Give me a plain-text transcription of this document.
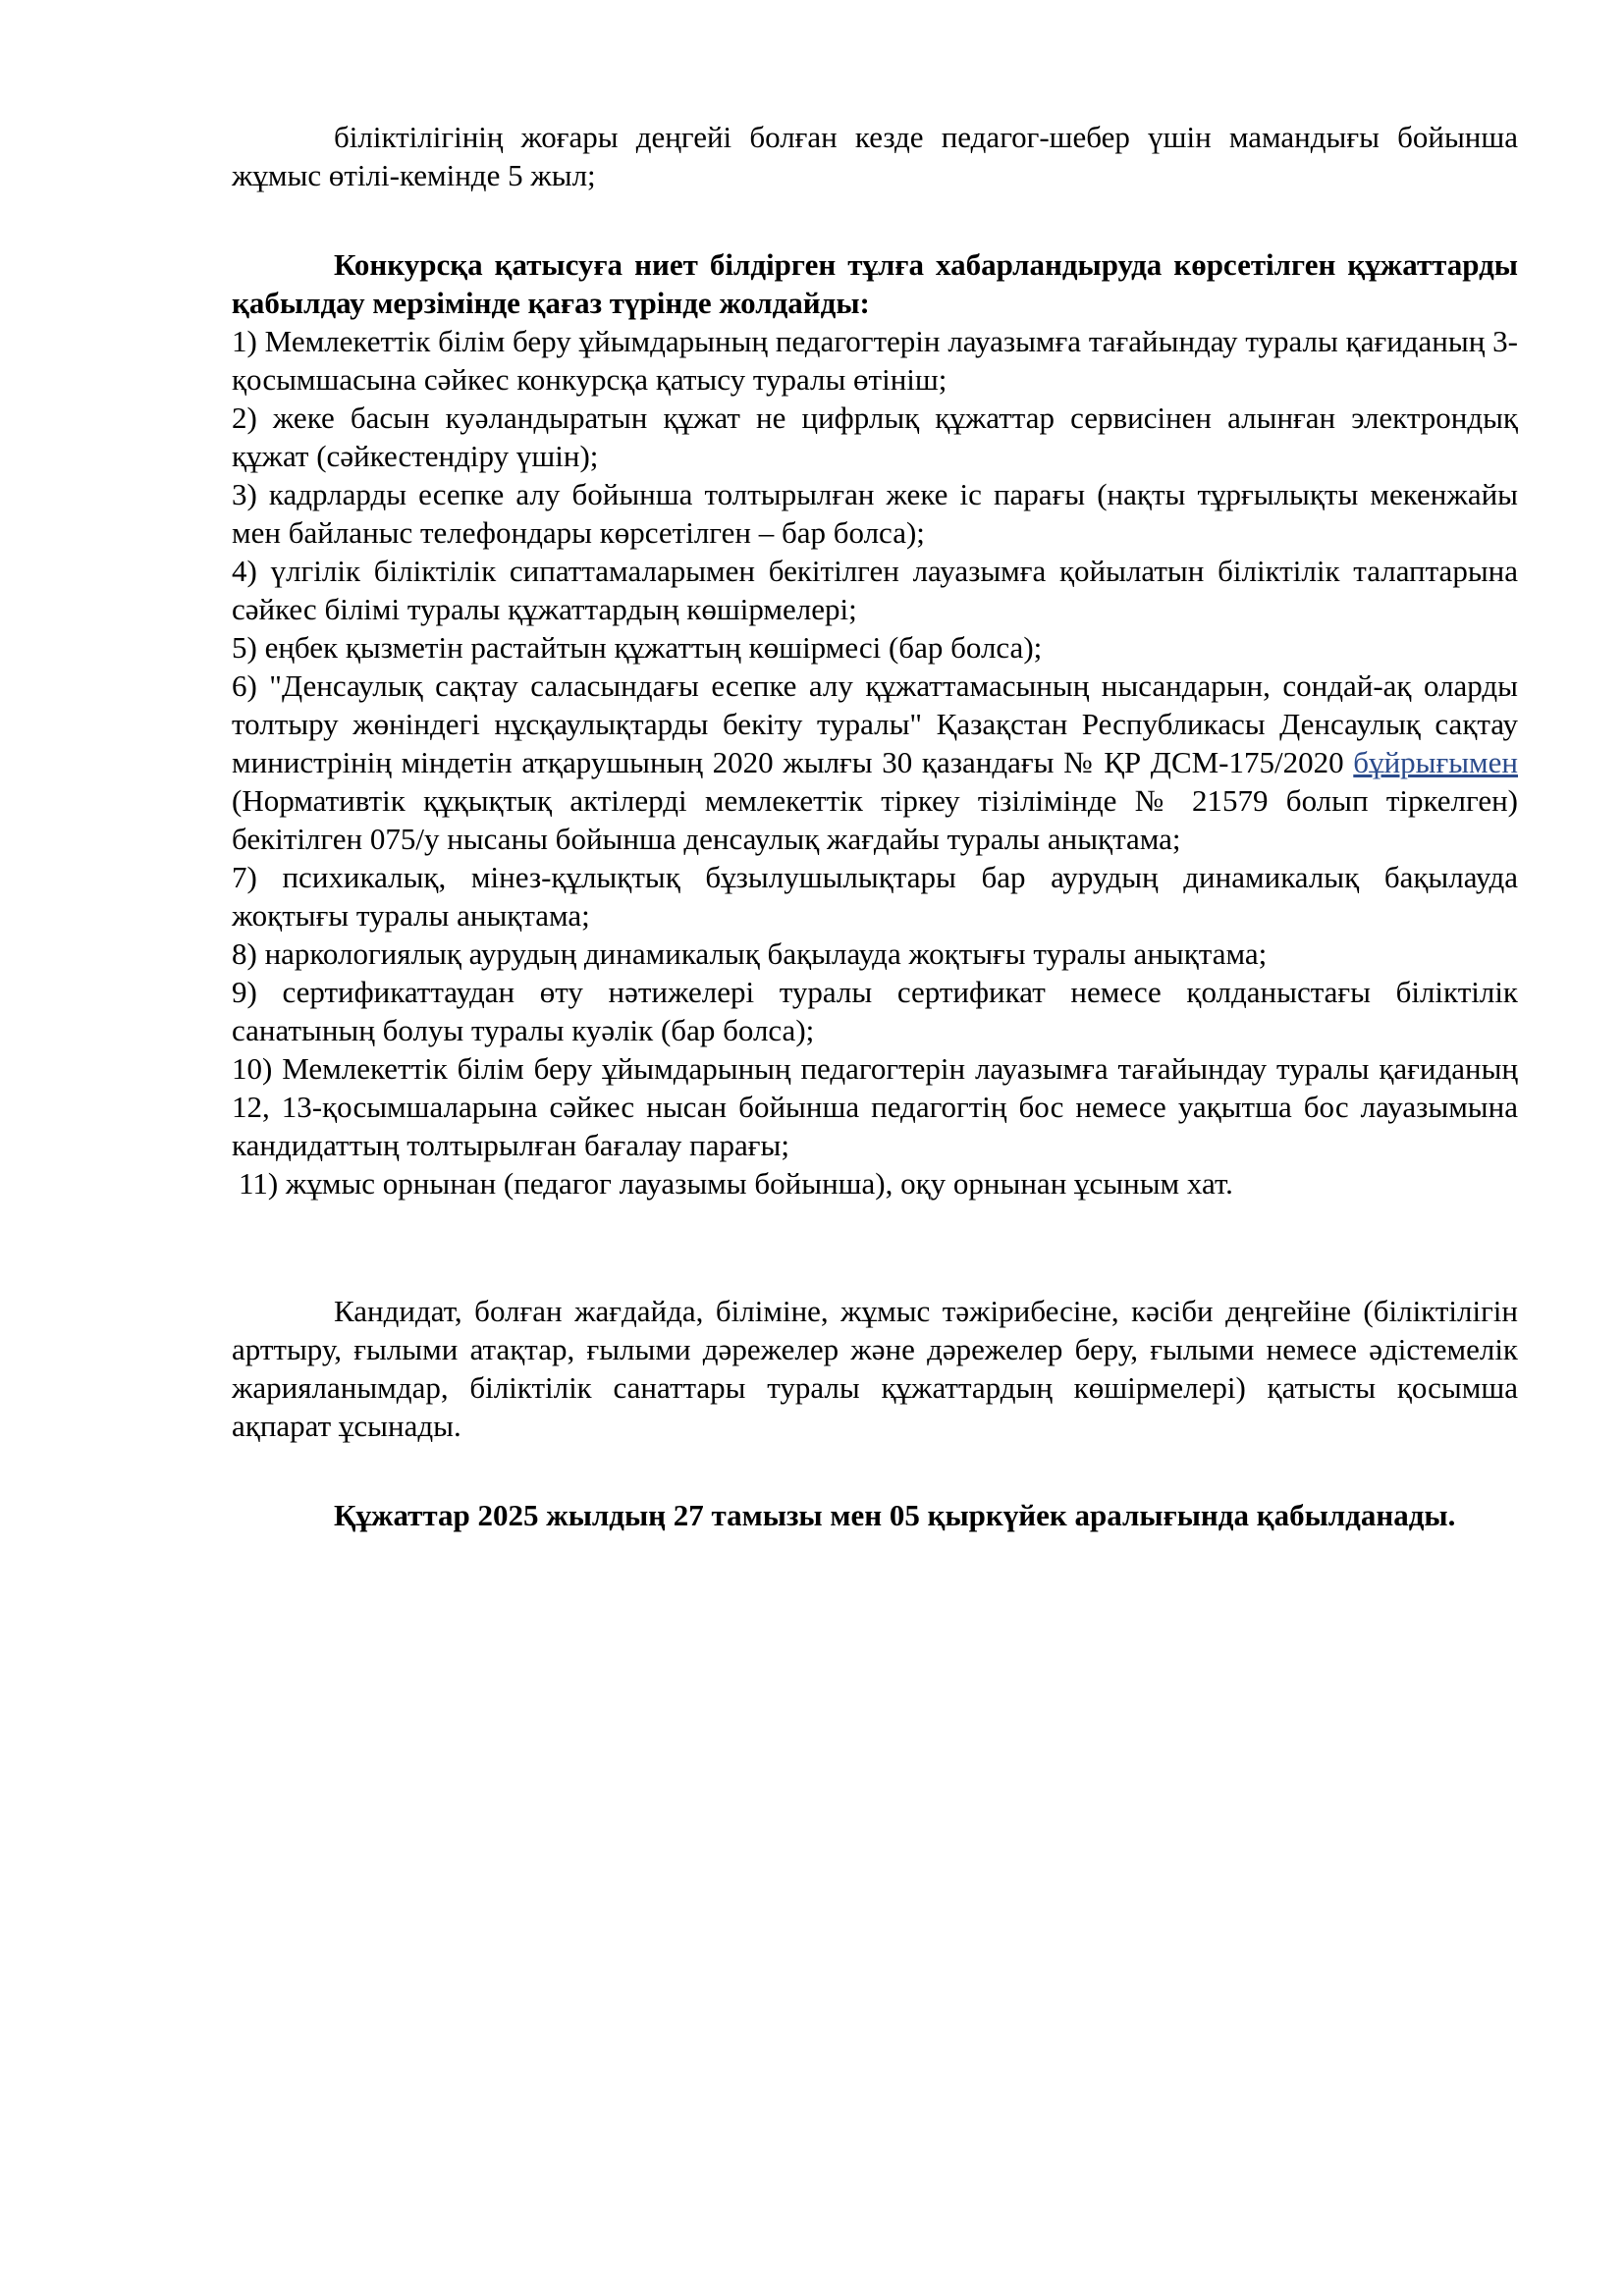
біліктілігінің жоғары деңгейі болған кезде педагог-шебер үшін мамандығы бойынша жұмыс өтілі-кемінде 5 жыл;

Конкурсқа қатысуға ниет білдірген тұлға хабарландыруда көрсетілген құжаттарды қабылдау мерзімінде қағаз түрінде жолдайды:

1) Мемлекеттік білім беру ұйымдарының педагогтерін лауазымға тағайындау туралы қағиданың 3- қосымшасына сәйкес конкурсқа қатысу туралы өтініш;

2) жеке басын куәландыратын құжат не цифрлық құжаттар сервисінен алынған электрондық құжат (сәйкестендіру үшін);

3) кадрларды есепке алу бойынша толтырылған жеке іс парағы (нақты тұрғылықты мекенжайы мен байланыс телефондары көрсетілген – бар болса);

4) үлгілік біліктілік сипаттамаларымен бекітілген лауазымға қойылатын біліктілік талаптарына сәйкес білімі туралы құжаттардың көшірмелері;

5) еңбек қызметін растайтын құжаттың көшірмесі (бар болса);

6) "Денсаулық сақтау саласындағы есепке алу құжаттамасының нысандарын, сондай-ақ оларды толтыру жөніндегі нұсқаулықтарды бекіту туралы" Қазақстан Республикасы Денсаулық сақтау министрінің міндетін атқарушының 2020 жылғы 30 қазандағы № ҚР ДСМ-175/2020 бұйрығымен (Нормативтік құқықтық актілерді мемлекеттік тіркеу тізілімінде № 21579 болып тіркелген) бекітілген 075/у нысаны бойынша денсаулық жағдайы туралы анықтама;

7) психикалық, мінез-құлықтық бұзылушылықтары бар аурудың динамикалық бақылауда жоқтығы туралы анықтама;

8) наркологиялық аурудың динамикалық бақылауда жоқтығы туралы анықтама;

9) сертификаттаудан өту нәтижелері туралы сертификат немесе қолданыстағы біліктілік санатының болуы туралы куәлік (бар болса);

10) Мемлекеттік білім беру ұйымдарының педагогтерін лауазымға тағайындау туралы қағиданың 12, 13-қосымшаларына сәйкес нысан бойынша педагогтің бос немесе уақытша бос лауазымына кандидаттың толтырылған бағалау парағы;

11) жұмыс орнынан (педагог лауазымы бойынша), оқу орнынан ұсыным хат.

Кандидат, болған жағдайда, біліміне, жұмыс тәжірибесіне, кәсіби деңгейіне (біліктілігін арттыру, ғылыми атақтар, ғылыми дәрежелер және дәрежелер беру, ғылыми немесе әдістемелік жарияланымдар, біліктілік санаттары туралы құжаттардың көшірмелері) қатысты қосымша ақпарат ұсынады.

Құжаттар 2025 жылдың 27 тамызы мен 05 қыркүйек аралығында қабылданады.
